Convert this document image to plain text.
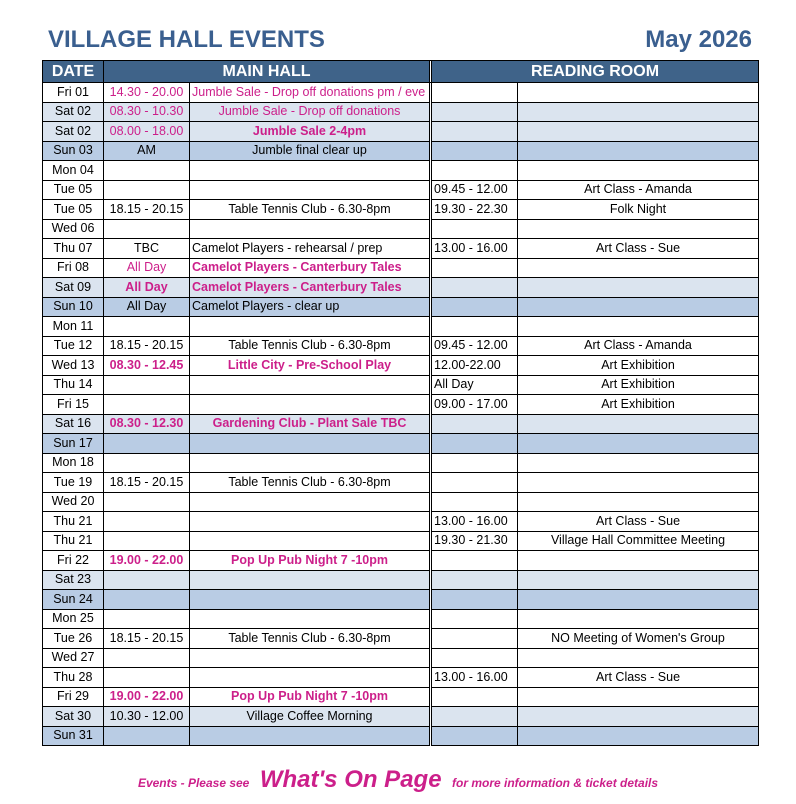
VILLAGE HALL EVENTS	May 2026
DATE	MAIN HALL			READING ROOM	
Fri 01	14.30 - 20.00	Jumble Sale - Drop off donations pm / eve			
Sat 02	08.30 - 10.30	Jumble Sale - Drop off donations			
Sat 02	08.00 - 18.00	Jumble Sale 2-4pm			
Sun 03	AM	Jumble final clear up			
Mon 04					
Tue 05				09.45 - 12.00	Art Class - Amanda
Tue 05	18.15 - 20.15	Table Tennis Club - 6.30-8pm		19.30 - 22.30	Folk Night
Wed 06					
Thu 07	TBC	Camelot Players - rehearsal / prep		13.00 - 16.00	Art Class - Sue
Fri 08	All Day	Camelot Players - Canterbury Tales			
Sat 09	All Day	Camelot Players - Canterbury Tales			
Sun 10	All Day	Camelot Players - clear up			
Mon 11					
Tue 12	18.15 - 20.15	Table Tennis Club - 6.30-8pm		09.45 - 12.00	Art Class - Amanda
Wed 13	08.30 - 12.45	Little City - Pre-School Play		12.00-22.00	Art Exhibition
Thu 14				All Day	Art Exhibition
Fri 15				09.00 - 17.00	Art Exhibition
Sat 16	08.30 - 12.30	Gardening Club - Plant Sale TBC			
Sun 17					
Mon 18					
Tue 19	18.15 - 20.15	Table Tennis Club - 6.30-8pm			
Wed 20					
Thu 21				13.00 - 16.00	Art Class - Sue
Thu 21				19.30 - 21.30	Village Hall Committee Meeting
Fri 22	19.00 - 22.00	Pop Up Pub Night 7 -10pm			
Sat 23					
Sun 24					
Mon 25					
Tue 26	18.15 - 20.15	Table Tennis Club - 6.30-8pm			NO Meeting of Women's Group
Wed 27					
Thu 28				13.00 - 16.00	Art Class - Sue
Fri 29	19.00 - 22.00	Pop Up Pub Night 7 -10pm			
Sat 30	10.30 - 12.00	Village Coffee Morning			
Sun 31					
Events - Please see What's On Page for more information & ticket details
